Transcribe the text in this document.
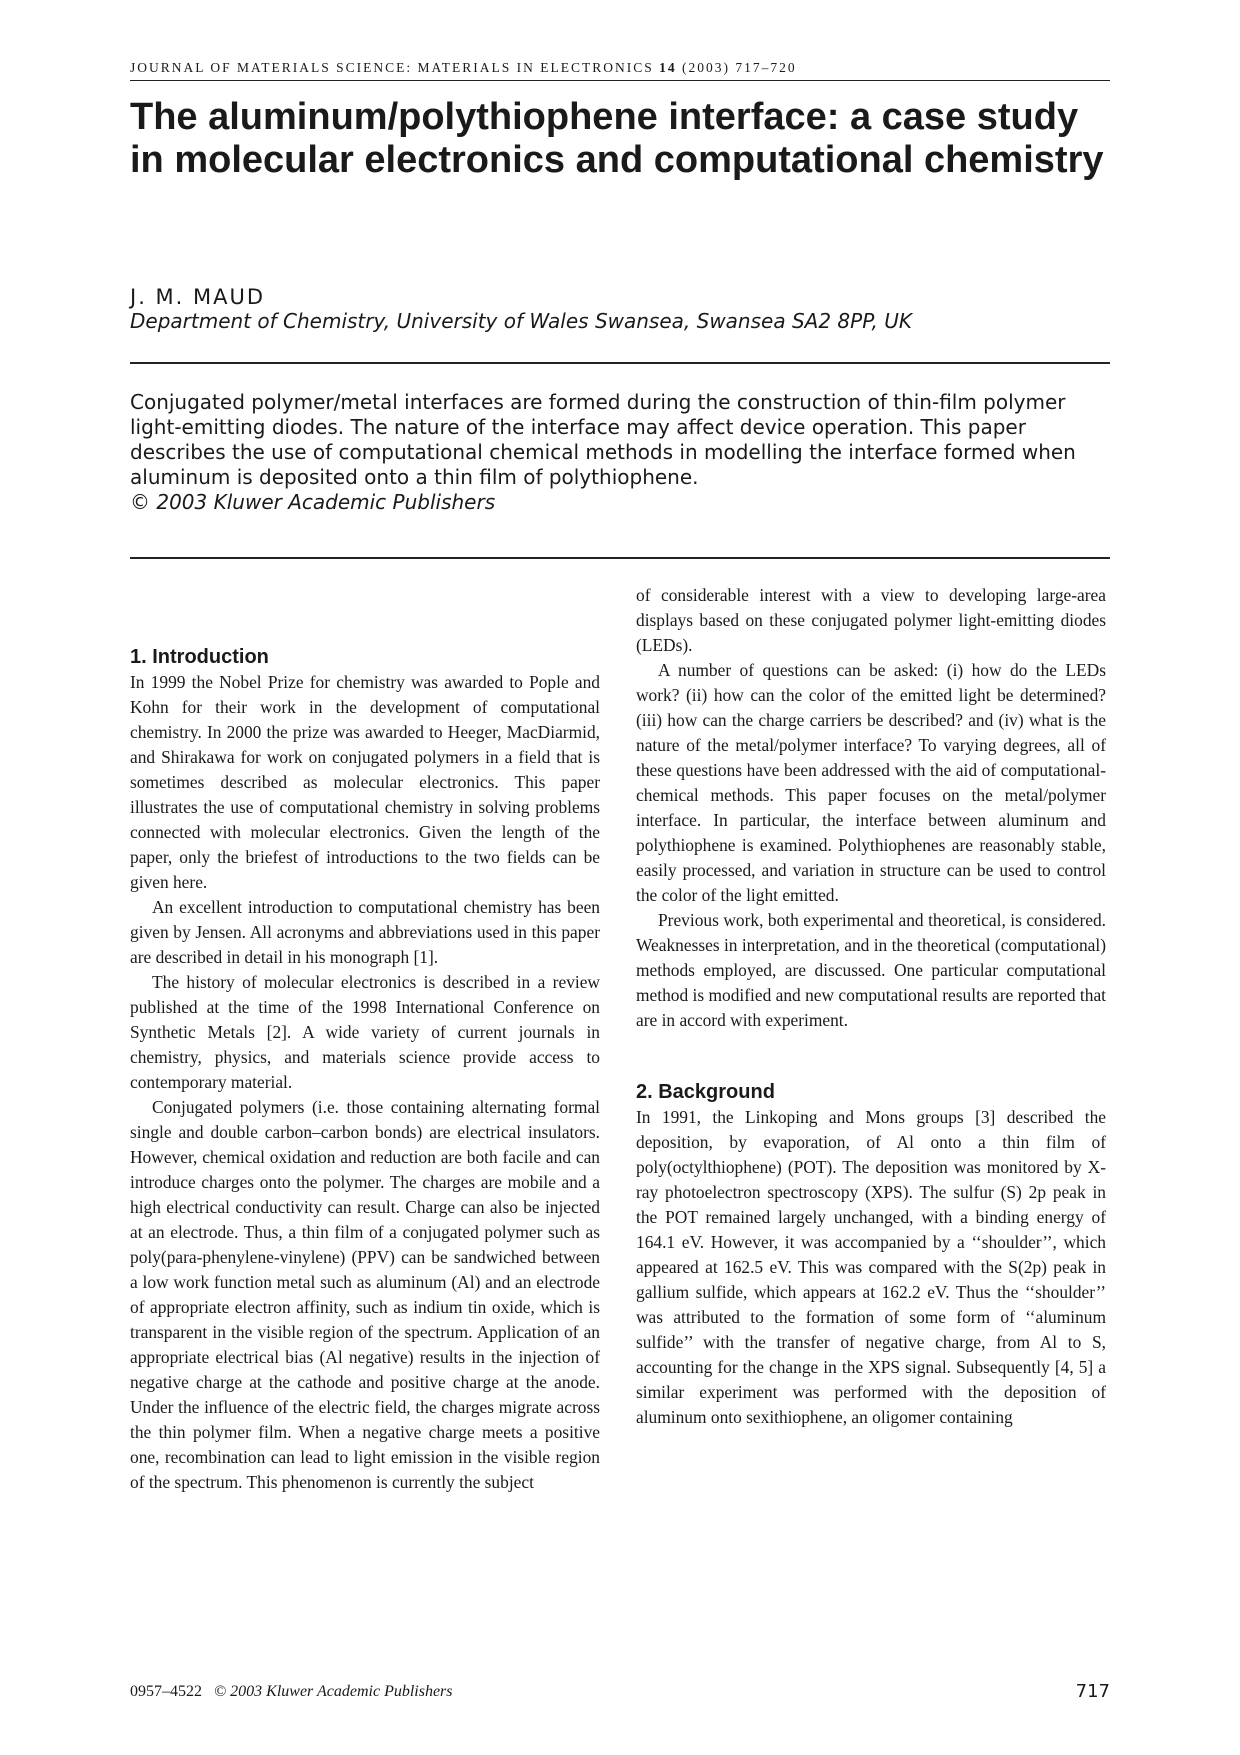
JOURNAL OF MATERIALS SCIENCE: MATERIALS IN ELECTRONICS 14 (2003) 717–720
The aluminum/polythiophene interface: a case study in molecular electronics and computational chemistry
J. M. MAUD
Department of Chemistry, University of Wales Swansea, Swansea SA2 8PP, UK

Conjugated polymer/metal interfaces are formed during the construction of thin-film polymer light-emitting diodes. The nature of the interface may affect device operation. This paper describes the use of computational chemical methods in modelling the interface formed when aluminum is deposited onto a thin film of polythiophene.

© 2003 Kluwer Academic Publishers

1. Introduction

In 1999 the Nobel Prize for chemistry was awarded to Pople and Kohn for their work in the development of computational chemistry. In 2000 the prize was awarded to Heeger, MacDiarmid, and Shirakawa for work on conjugated polymers in a field that is sometimes described as molecular electronics. This paper illustrates the use of computational chemistry in solving problems connected with molecular electronics. Given the length of the paper, only the briefest of introductions to the two fields can be given here.

An excellent introduction to computational chemistry has been given by Jensen. All acronyms and abbreviations used in this paper are described in detail in his monograph [1].

The history of molecular electronics is described in a review published at the time of the 1998 International Conference on Synthetic Metals [2]. A wide variety of current journals in chemistry, physics, and materials science provide access to contemporary material.

Conjugated polymers (i.e. those containing alternating formal single and double carbon–carbon bonds) are electrical insulators. However, chemical oxidation and reduction are both facile and can introduce charges onto the polymer. The charges are mobile and a high electrical conductivity can result. Charge can also be injected at an electrode. Thus, a thin film of a conjugated polymer such as poly(para-phenylene-vinylene) (PPV) can be sandwiched between a low work function metal such as aluminum (Al) and an electrode of appropriate electron affinity, such as indium tin oxide, which is transparent in the visible region of the spectrum. Application of an appropriate electrical bias (Al negative) results in the injection of negative charge at the cathode and positive charge at the anode. Under the influence of the electric field, the charges migrate across the thin polymer film. When a negative charge meets a positive one, recombination can lead to light emission in the visible region of the spectrum. This phenomenon is currently the subject

of considerable interest with a view to developing large-area displays based on these conjugated polymer light-emitting diodes (LEDs).

A number of questions can be asked: (i) how do the LEDs work? (ii) how can the color of the emitted light be determined? (iii) how can the charge carriers be described? and (iv) what is the nature of the metal/polymer interface? To varying degrees, all of these questions have been addressed with the aid of computational-chemical methods. This paper focuses on the metal/polymer interface. In particular, the interface between aluminum and polythiophene is examined. Polythiophenes are reasonably stable, easily processed, and variation in structure can be used to control the color of the light emitted.

Previous work, both experimental and theoretical, is considered. Weaknesses in interpretation, and in the theoretical (computational) methods employed, are discussed. One particular computational method is modified and new computational results are reported that are in accord with experiment.

2. Background

In 1991, the Linkoping and Mons groups [3] described the deposition, by evaporation, of Al onto a thin film of poly(octylthiophene) (POT). The deposition was monitored by X-ray photoelectron spectroscopy (XPS). The sulfur (S) 2p peak in the POT remained largely unchanged, with a binding energy of 164.1 eV. However, it was accompanied by a ‘‘shoulder’’, which appeared at 162.5 eV. This was compared with the S(2p) peak in gallium sulfide, which appears at 162.2 eV. Thus the ‘‘shoulder’’ was attributed to the formation of some form of ‘‘aluminum sulfide’’ with the transfer of negative charge, from Al to S, accounting for the change in the XPS signal. Subsequently [4, 5] a similar experiment was performed with the deposition of aluminum onto sexithiophene, an oligomer containing

0957–4522 © 2003 Kluwer Academic Publishers	717
